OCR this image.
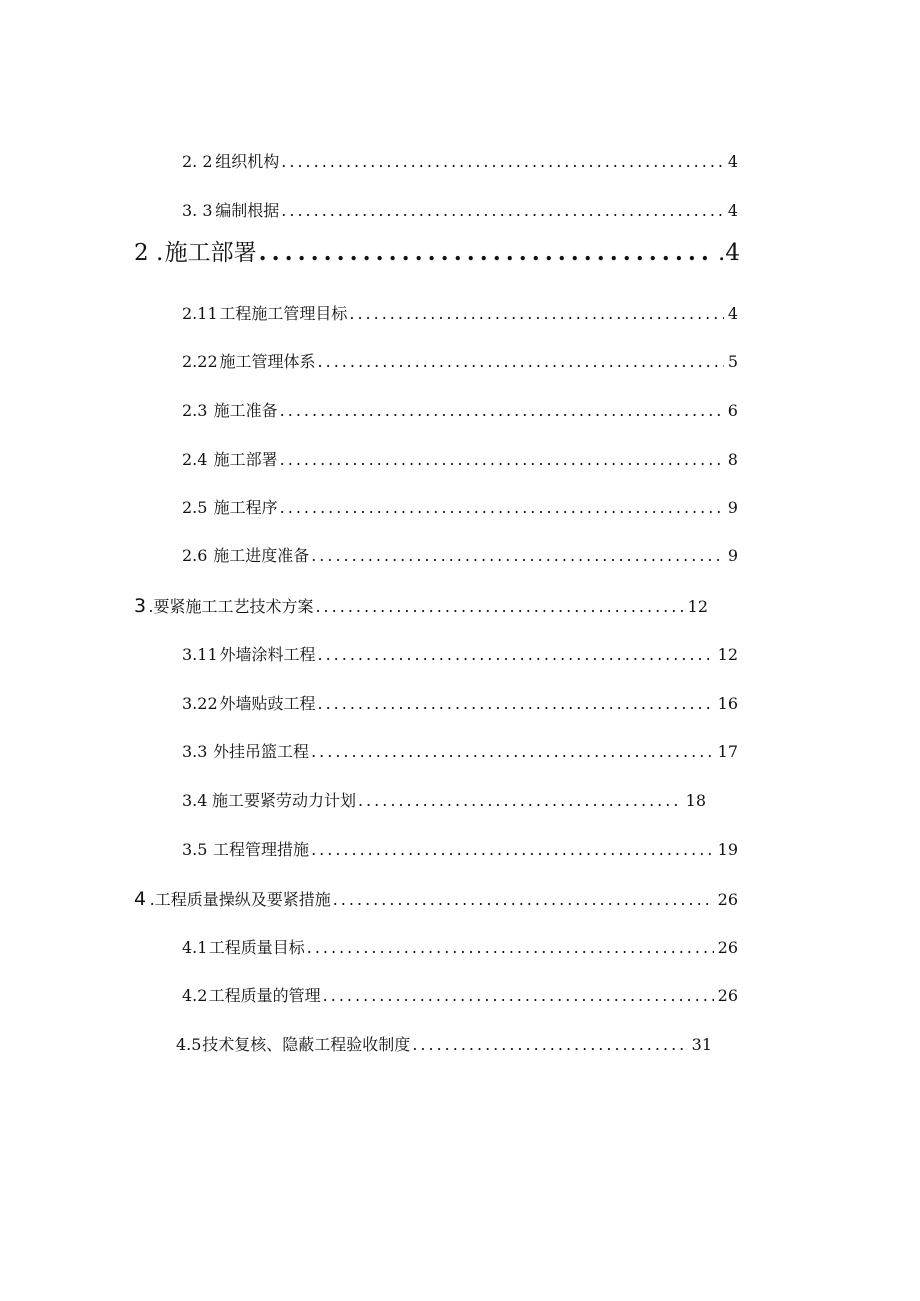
2. 2 组织机构 .....	4
3. 3 编制根据 .....	4
2 . 施工部署 .....	.4
2.11 工程施工管理目标 .....	4
2.22 施工管理体系 .....	5
2.3 施工准备 .....	6
2.4 施工部署 .....	8
2.5 施工程序 .....	9
2.6 施工进度准备 .....	9
3 .要紧施工工艺技术方案 .....	12
3.11 外墙涂料工程 .....	12
3.22 外墙贴豉工程 .....	16
3.3 外挂吊篮工程 .....	17
3.4 施工要紧劳动力计划 .....	18
3.5 工程管理措施 .....	19
4 .工程质量操纵及要紧措施 .....	26
4.1 工程质量目标 .....	26
4.2 工程质量的管理 .....	26
4.5 技术复核、隐蔽工程验收制度 .....	31
